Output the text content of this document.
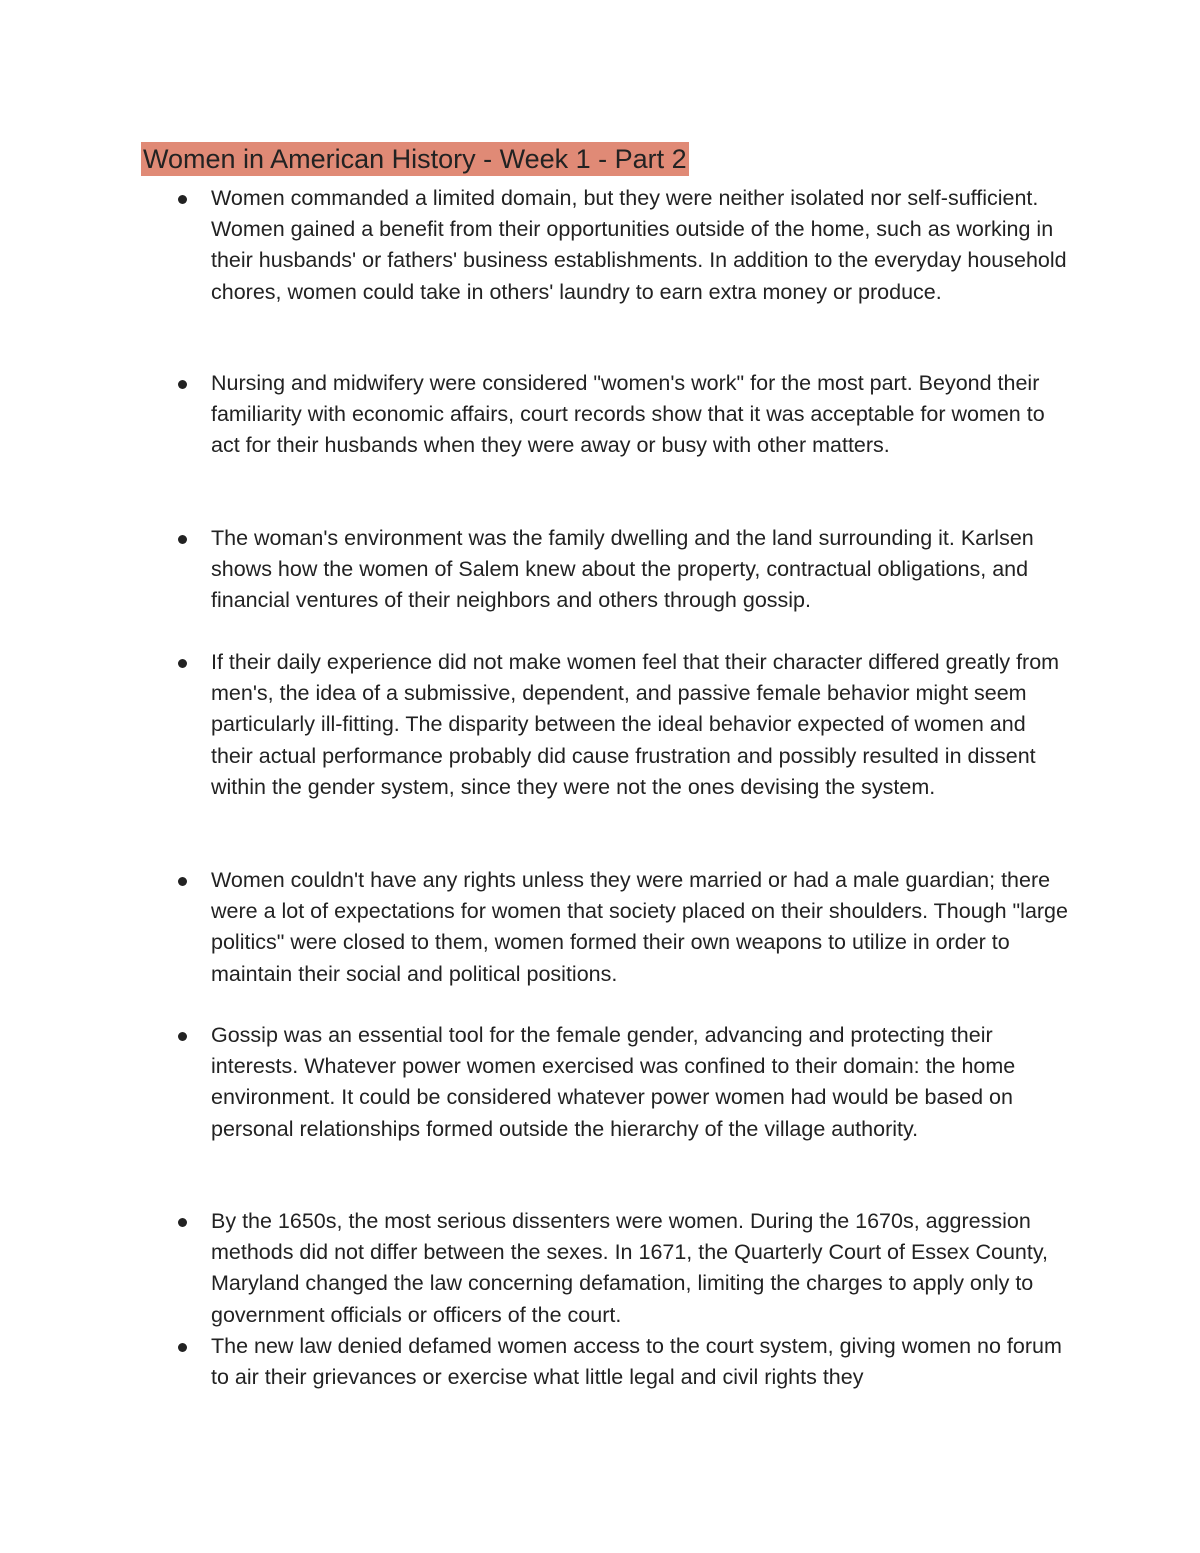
Women in American History - Week 1 - Part 2
Women commanded a limited domain, but they were neither isolated nor self-sufficient. Women gained a benefit from their opportunities outside of the home, such as working in their husbands' or fathers' business establishments. In addition to the everyday household chores, women could take in others' laundry to earn extra money or produce.
Nursing and midwifery were considered "women's work" for the most part. Beyond their familiarity with economic affairs, court records show that it was acceptable for women to act for their husbands when they were away or busy with other matters.
The woman's environment was the family dwelling and the land surrounding it. Karlsen shows how the women of Salem knew about the property, contractual obligations, and financial ventures of their neighbors and others through gossip.
If their daily experience did not make women feel that their character differed greatly from men's, the idea of a submissive, dependent, and passive female behavior might seem particularly ill-fitting. The disparity between the ideal behavior expected of women and their actual performance probably did cause frustration and possibly resulted in dissent within the gender system, since they were not the ones devising the system.
Women couldn't have any rights unless they were married or had a male guardian; there were a lot of expectations for women that society placed on their shoulders. Though "large politics" were closed to them, women formed their own weapons to utilize in order to maintain their social and political positions.
Gossip was an essential tool for the female gender, advancing and protecting their interests. Whatever power women exercised was confined to their domain: the home environment. It could be considered whatever power women had would be based on personal relationships formed outside the hierarchy of the village authority.
By the 1650s, the most serious dissenters were women. During the 1670s, aggression methods did not differ between the sexes. In 1671, the Quarterly Court of Essex County, Maryland changed the law concerning defamation, limiting the charges to apply only to government officials or officers of the court.
The new law denied defamed women access to the court system, giving women no forum to air their grievances or exercise what little legal and civil rights they
